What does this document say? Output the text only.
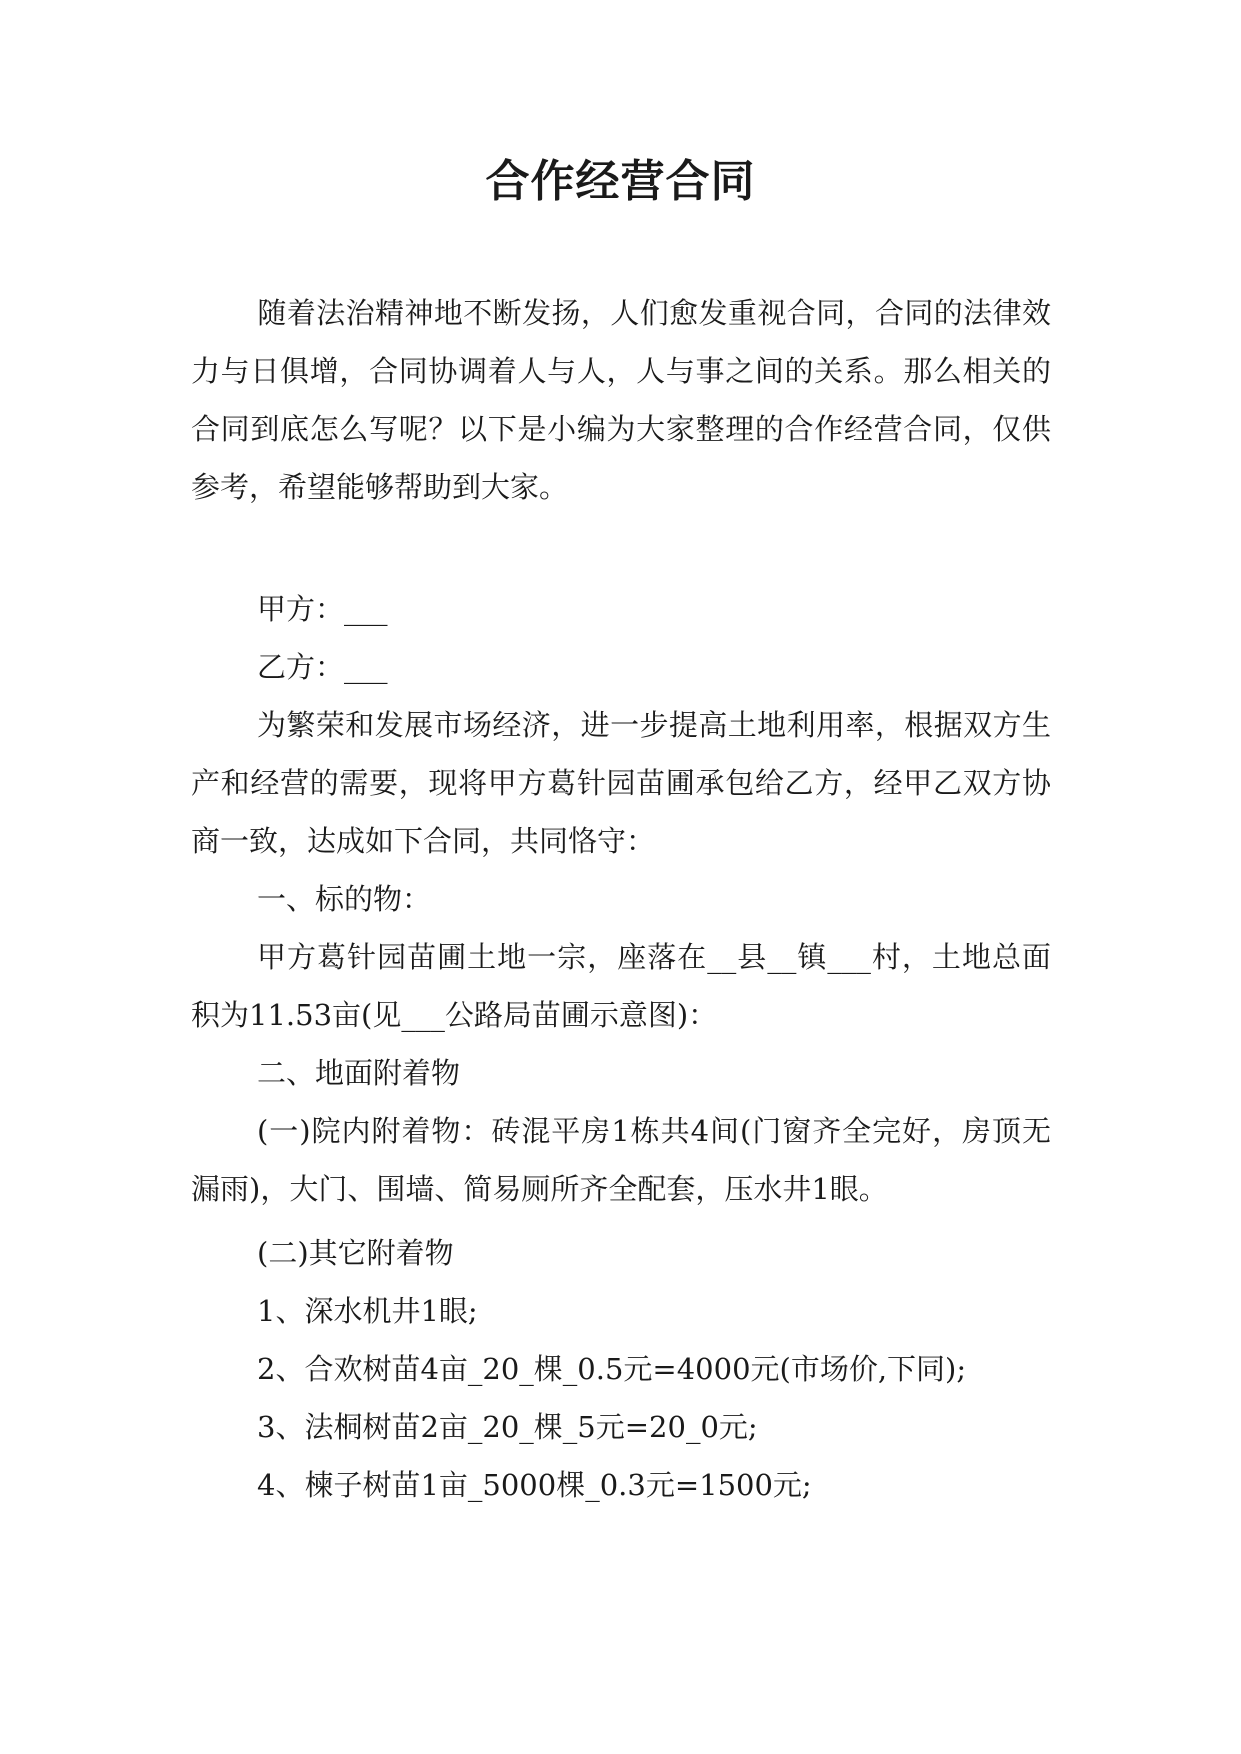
合作经营合同

随着法治精神地不断发扬，人们愈发重视合同，合同的法律效力与日俱增，合同协调着人与人，人与事之间的关系。那么相关的合同到底怎么写呢？以下是小编为大家整理的合作经营合同，仅供参考，希望能够帮助到大家。

甲方：___

乙方：___

为繁荣和发展市场经济，进一步提高土地利用率，根据双方生产和经营的需要，现将甲方葛针园苗圃承包给乙方，经甲乙双方协商一致，达成如下合同，共同恪守：

一、标的物：

甲方葛针园苗圃土地一宗，座落在__县__镇___村，土地总面积为11.53亩(见___公路局苗圃示意图)：

二、地面附着物

(一)院内附着物：砖混平房1栋共4间(门窗齐全完好，房顶无漏雨)，大门、围墙、简易厕所齐全配套，压水井1眼。

(二)其它附着物

1、深水机井1眼;

2、合欢树苗4亩_20_棵_0.5元=4000元(市场价,下同);

3、法桐树苗2亩_20_棵_5元=20_0元;

4、楝子树苗1亩_5000棵_0.3元=1500元;
